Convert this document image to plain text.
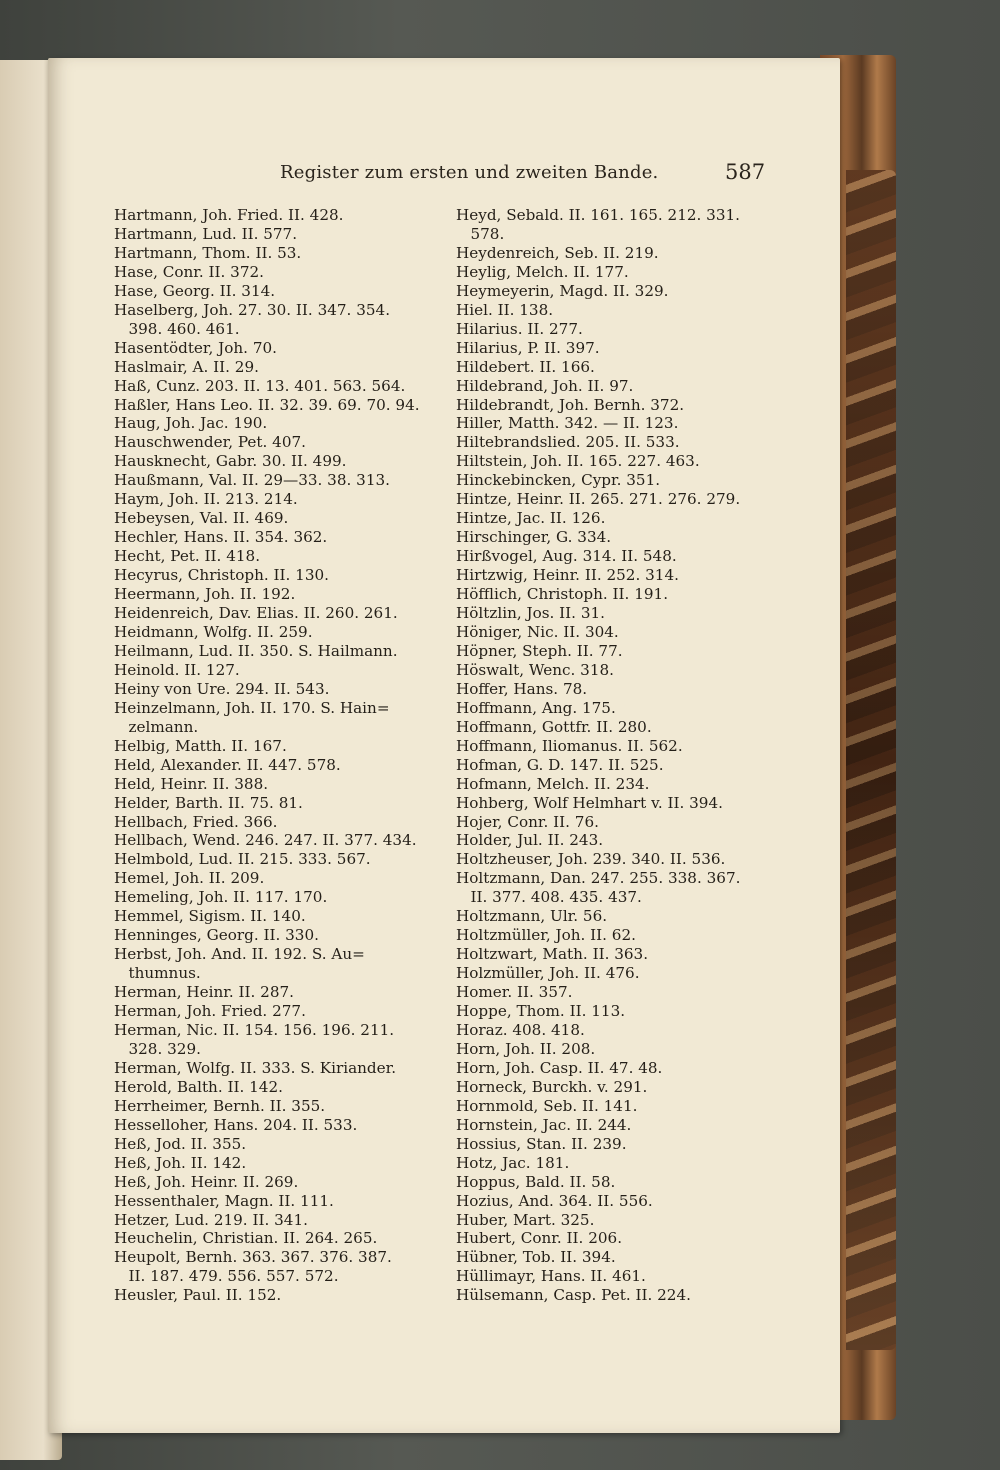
Register zum ersten und zweiten Bande.	587
Hartmann, Joh. Fried. II. 428.
Hartmann, Lud. II. 577.
Hartmann, Thom. II. 53.
Hase, Conr. II. 372.
Hase, Georg. II. 314.
Haselberg, Joh. 27. 30. II. 347. 354.
398. 460. 461.
Hasentödter, Joh. 70.
Haslmair, A. II. 29.
Haß, Cunz. 203. II. 13. 401. 563. 564.
Haßler, Hans Leo. II. 32. 39. 69. 70. 94.
Haug, Joh. Jac. 190.
Hauschwender, Pet. 407.
Hausknecht, Gabr. 30. II. 499.
Haußmann, Val. II. 29—33. 38. 313.
Haym, Joh. II. 213. 214.
Hebeysen, Val. II. 469.
Hechler, Hans. II. 354. 362.
Hecht, Pet. II. 418.
Hecyrus, Christoph. II. 130.
Heermann, Joh. II. 192.
Heidenreich, Dav. Elias. II. 260. 261.
Heidmann, Wolfg. II. 259.
Heilmann, Lud. II. 350. S. Hailmann.
Heinold. II. 127.
Heiny von Ure. 294. II. 543.
Heinzelmann, Joh. II. 170. S. Hain=
zelmann.
Helbig, Matth. II. 167.
Held, Alexander. II. 447. 578.
Held, Heinr. II. 388.
Helder, Barth. II. 75. 81.
Hellbach, Fried. 366.
Hellbach, Wend. 246. 247. II. 377. 434.
Helmbold, Lud. II. 215. 333. 567.
Hemel, Joh. II. 209.
Hemeling, Joh. II. 117. 170.
Hemmel, Sigism. II. 140.
Henninges, Georg. II. 330.
Herbst, Joh. And. II. 192. S. Au=
thumnus.
Herman, Heinr. II. 287.
Herman, Joh. Fried. 277.
Herman, Nic. II. 154. 156. 196. 211.
328. 329.
Herman, Wolfg. II. 333. S. Kiriander.
Herold, Balth. II. 142.
Herrheimer, Bernh. II. 355.
Hesselloher, Hans. 204. II. 533.
Heß, Jod. II. 355.
Heß, Joh. II. 142.
Heß, Joh. Heinr. II. 269.
Hessenthaler, Magn. II. 111.
Hetzer, Lud. 219. II. 341.
Heuchelin, Christian. II. 264. 265.
Heupolt, Bernh. 363. 367. 376. 387.
II. 187. 479. 556. 557. 572.
Heusler, Paul. II. 152.
Heyd, Sebald. II. 161. 165. 212. 331.
578.
Heydenreich, Seb. II. 219.
Heylig, Melch. II. 177.
Heymeyerin, Magd. II. 329.
Hiel. II. 138.
Hilarius. II. 277.
Hilarius, P. II. 397.
Hildebert. II. 166.
Hildebrand, Joh. II. 97.
Hildebrandt, Joh. Bernh. 372.
Hiller, Matth. 342. — II. 123.
Hiltebrandslied. 205. II. 533.
Hiltstein, Joh. II. 165. 227. 463.
Hinckebincken, Cypr. 351.
Hintze, Heinr. II. 265. 271. 276. 279.
Hintze, Jac. II. 126.
Hirschinger, G. 334.
Hirßvogel, Aug. 314. II. 548.
Hirtzwig, Heinr. II. 252. 314.
Höfflich, Christoph. II. 191.
Höltzlin, Jos. II. 31.
Höniger, Nic. II. 304.
Höpner, Steph. II. 77.
Höswalt, Wenc. 318.
Hoffer, Hans. 78.
Hoffmann, Ang. 175.
Hoffmann, Gottfr. II. 280.
Hoffmann, Iliomanus. II. 562.
Hofman, G. D. 147. II. 525.
Hofmann, Melch. II. 234.
Hohberg, Wolf Helmhart v. II. 394.
Hojer, Conr. II. 76.
Holder, Jul. II. 243.
Holtzheuser, Joh. 239. 340. II. 536.
Holtzmann, Dan. 247. 255. 338. 367.
II. 377. 408. 435. 437.
Holtzmann, Ulr. 56.
Holtzmüller, Joh. II. 62.
Holtzwart, Math. II. 363.
Holzmüller, Joh. II. 476.
Homer. II. 357.
Hoppe, Thom. II. 113.
Horaz. 408. 418.
Horn, Joh. II. 208.
Horn, Joh. Casp. II. 47. 48.
Horneck, Burckh. v. 291.
Hornmold, Seb. II. 141.
Hornstein, Jac. II. 244.
Hossius, Stan. II. 239.
Hotz, Jac. 181.
Hoppus, Bald. II. 58.
Hozius, And. 364. II. 556.
Huber, Mart. 325.
Hubert, Conr. II. 206.
Hübner, Tob. II. 394.
Hüllimayr, Hans. II. 461.
Hülsemann, Casp. Pet. II. 224.
